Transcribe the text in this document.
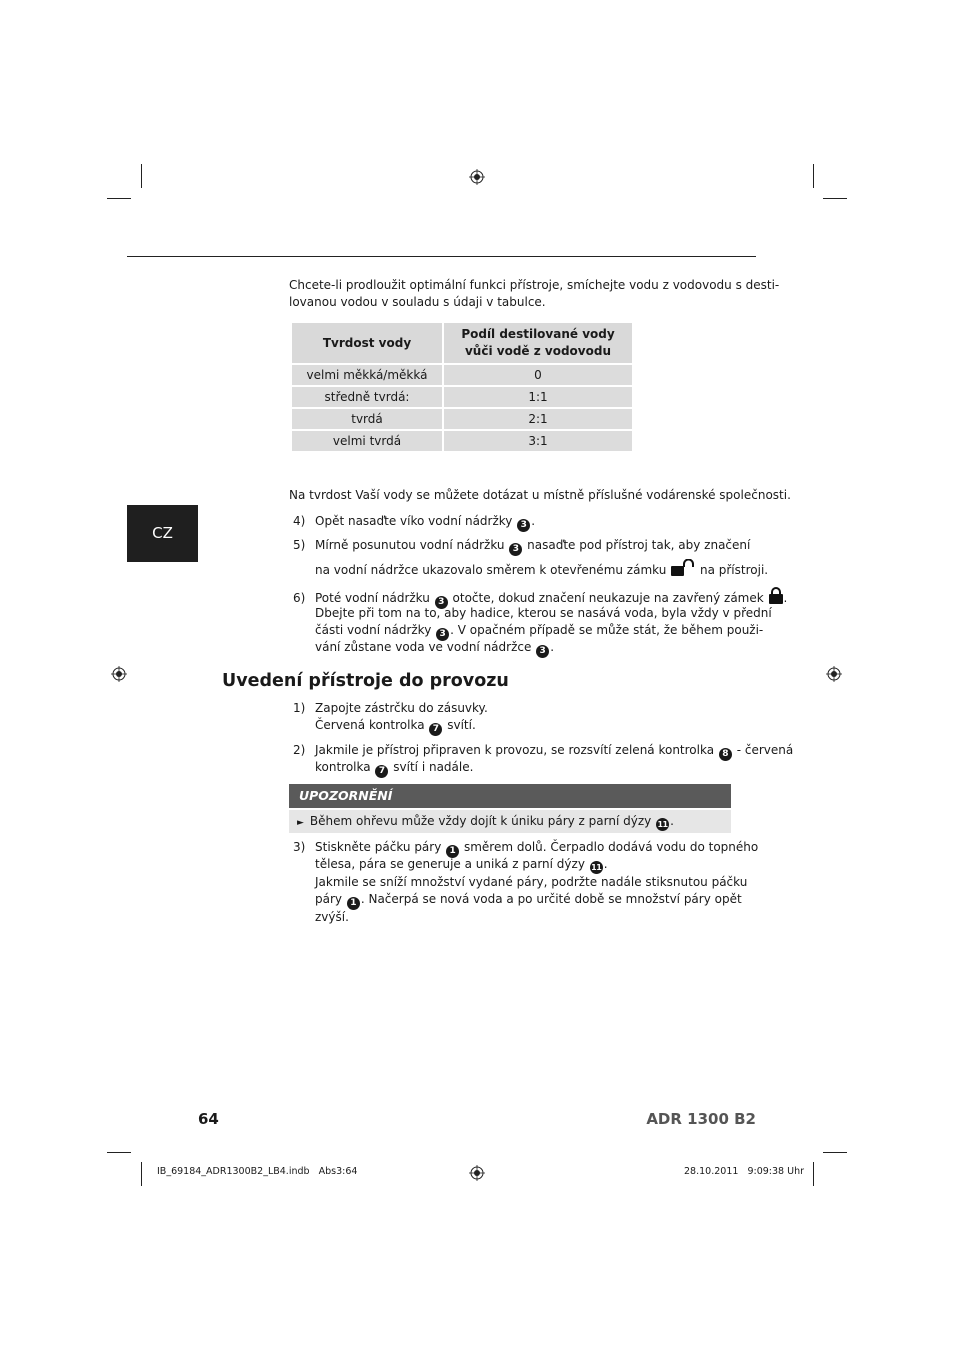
Chcete-li prodloužit optimální funkci přístroje, smíchejte vodu z vodovodu s desti-

lovanou vodou v souladu s údaji v tabulce.

Tvrdost vody	Podíl destilované vody
vůči vodě z vodovodu
velmi měkká/měkká	0
středně tvrdá:	1:1
tvrdá	2:1
velmi tvrdá	3:1
CZ

Na tvrdost Vaší vody se můžete dotázat u místně příslušné vodárenské společnosti.

4) Opět nasaďte víko vodní nádržky 3 .

5) Mírně posunutou vodní nádržku 3 nasaďte pod přístroj tak, aby značení

na vodní nádržce ukazovalo směrem k otevřenému zámku	na přístroji.

6) Poté vodní nádržku 3 otočte, dokud značení neukazuje na zavřený zámek .

Dbejte při tom na to, aby hadice, kterou se nasává voda, byla vždy v přední

části vodní nádržky 3 . V opačném případě se může stát, že během použi-

vání zůstane voda ve vodní nádržce 3 .

Uvedení přístroje do provozu

1) Zapojte zástrčku do zásuvky.

Červená kontrolka 7 svítí.

2) Jakmile je přístroj připraven k provozu, se rozsvítí zelená kontrolka 8 - červená

kontrolka 7 svítí i nadále.

UPOZORNĚNÍ
► Během ohřevu může vždy dojít k úniku páry z parní dýzy 11 .

3) Stiskněte páčku páry 1 směrem dolů. Čerpadlo dodává vodu do topného

tělesa, pára se generuje a uniká z parní dýzy 11 .

Jakmile se sníží množství vydané páry, podržte nadále stiksnutou páčku

páry 1 . Načerpá se nová voda a po určité době se množství páry opět

zvýší.

64	ADR 1300 B2
IB_69184_ADR1300B2_LB4.indb   Abs3:64	28.10.2011   9:09:38 Uhr
